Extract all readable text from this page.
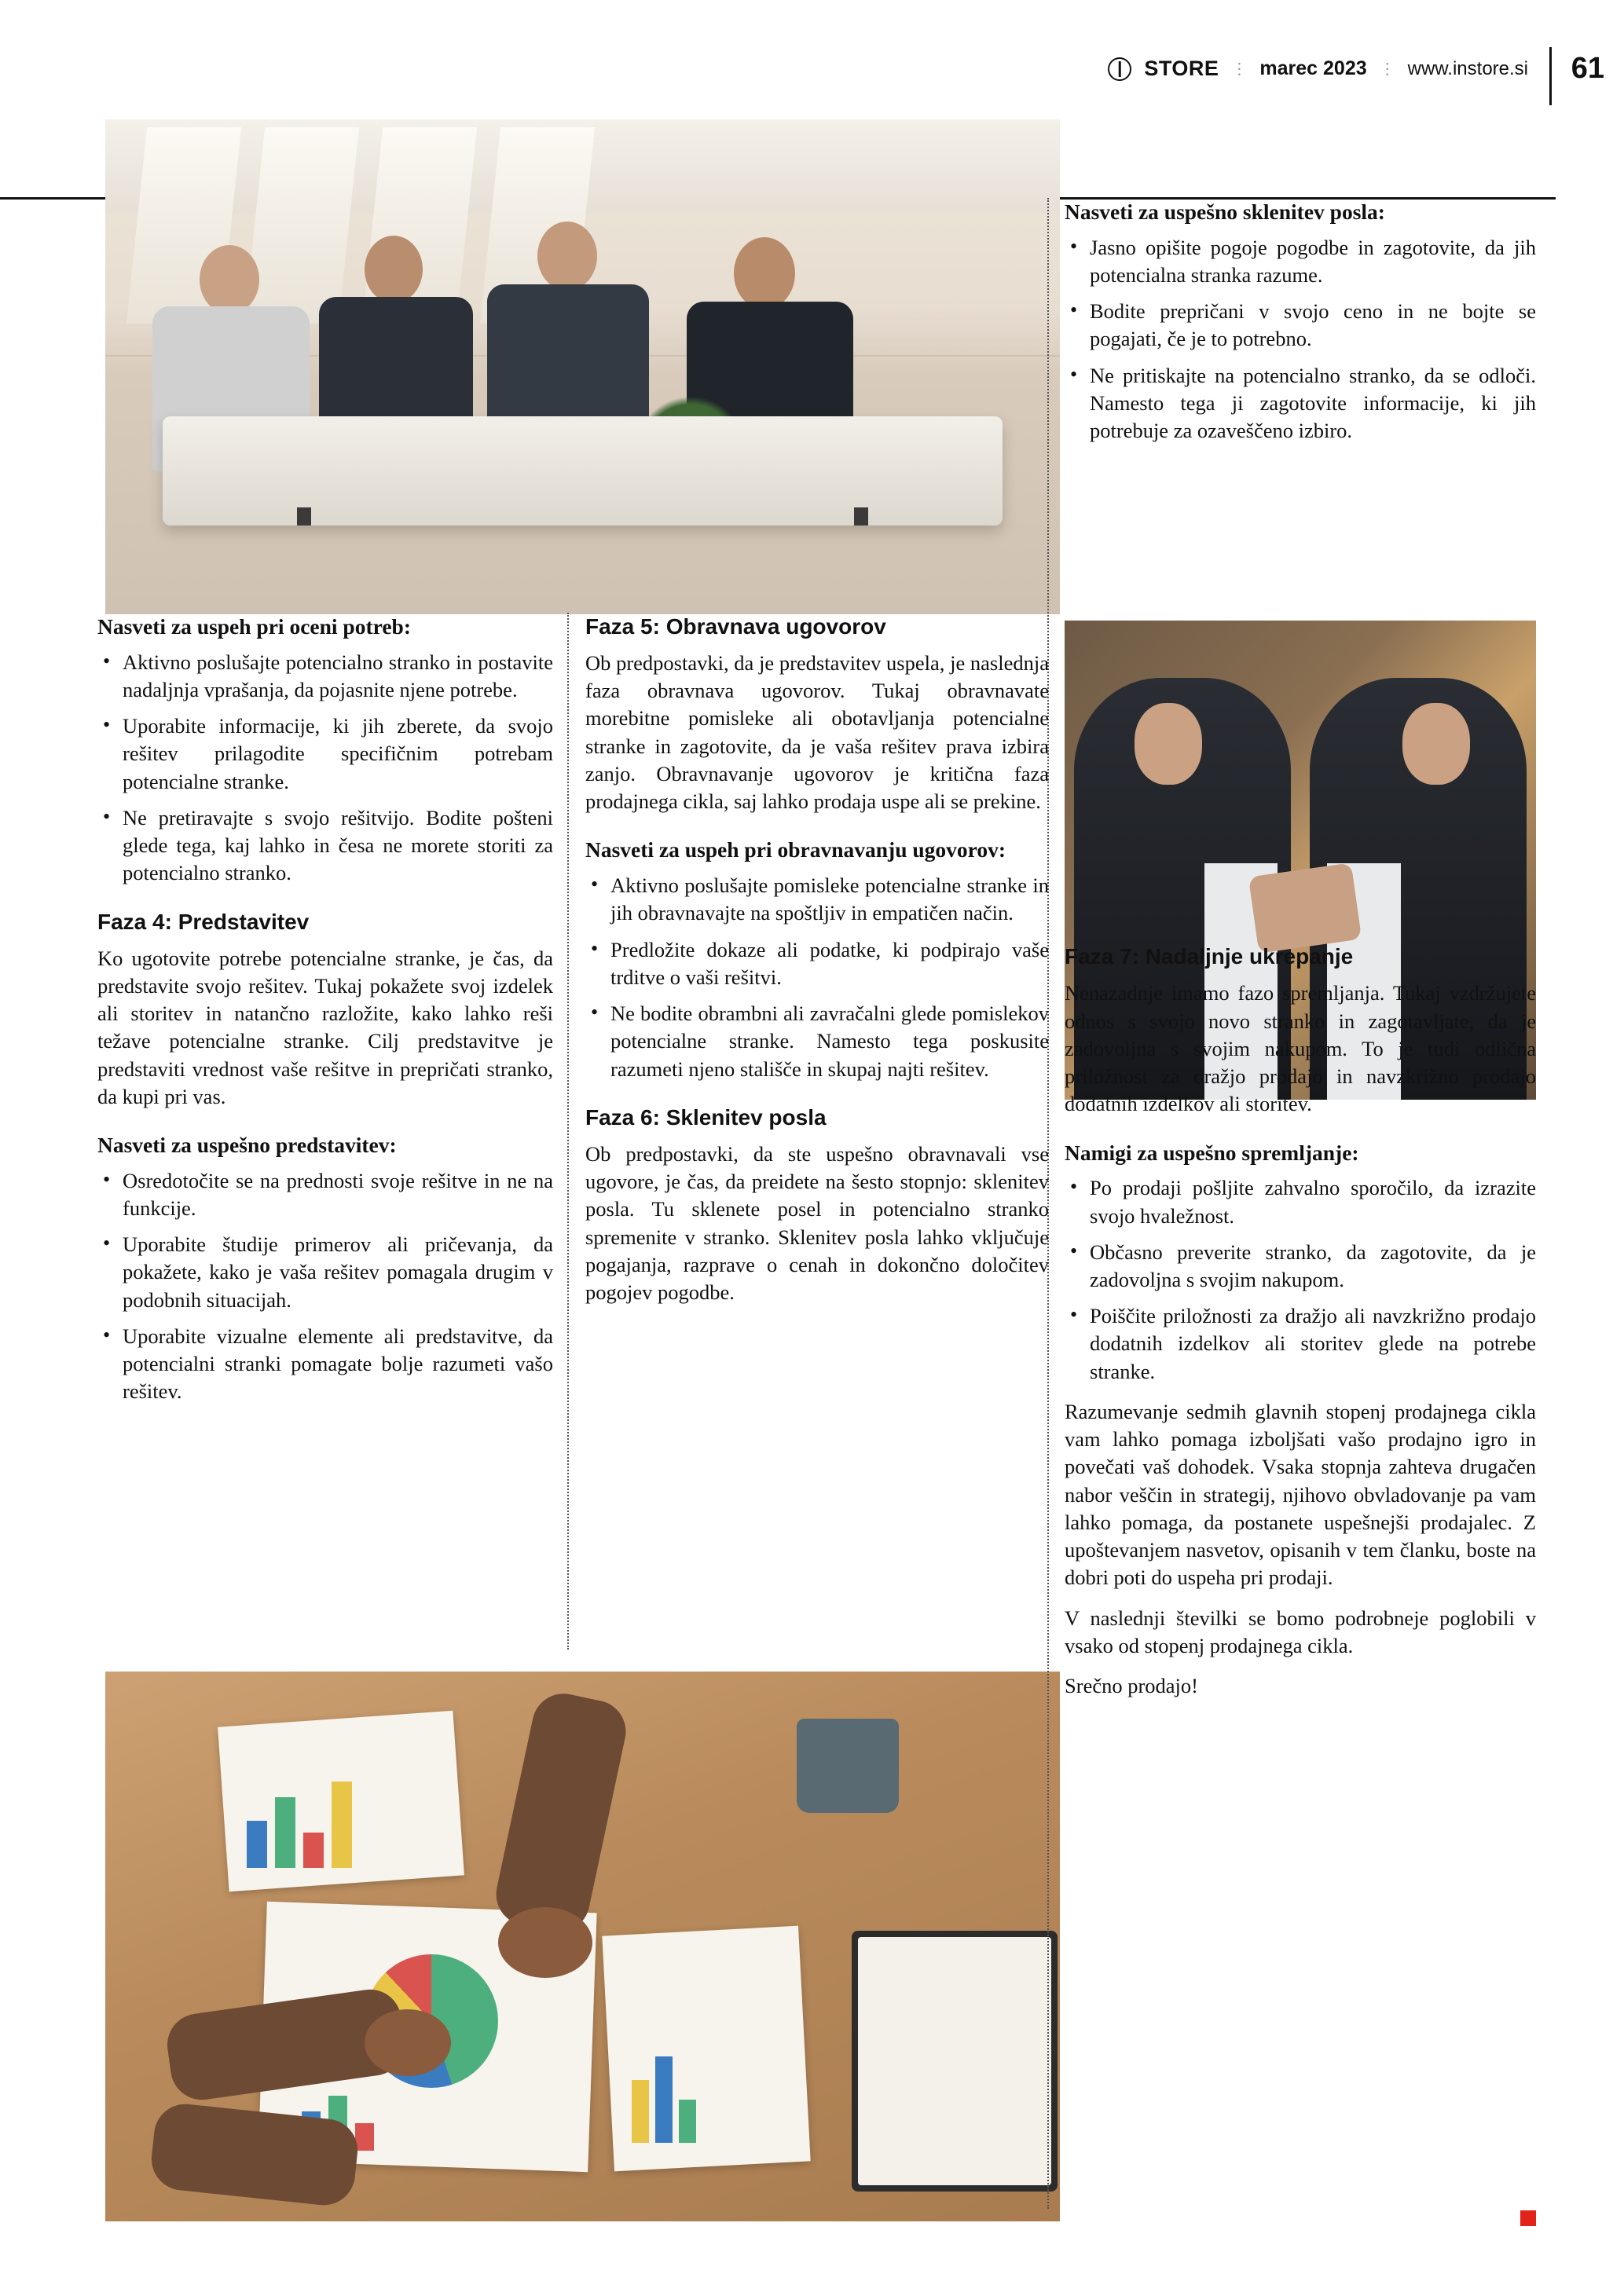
STORE ⋮ marec 2023 ⋮ www.instore.si 61
Nasveti za uspeh pri oceni potreb:
• Aktivno poslušajte potencialno stranko in postavite nadaljnja vprašanja, da pojasnite njene potrebe.
• Uporabite informacije, ki jih zberete, da svojo rešitev prilagodite specifičnim potrebam potencialne stranke.
• Ne pretiravajte s svojo rešitvijo. Bodite pošteni glede tega, kaj lahko in česa ne morete storiti za potencialno stranko.
Faza 4: Predstavitev

Ko ugotovite potrebe potencialne stranke, je čas, da predstavite svojo rešitev. Tukaj pokažete svoj izdelek ali storitev in natančno razložite, kako lahko reši težave potencialne stranke. Cilj predstavitve je predstaviti vrednost vaše rešitve in prepričati stranko, da kupi pri vas.

Nasveti za uspešno predstavitev:
• Osredotočite se na prednosti svoje rešitve in ne na funkcije.
• Uporabite študije primerov ali pričevanja, da pokažete, kako je vaša rešitev pomagala drugim v podobnih situacijah.
• Uporabite vizualne elemente ali predstavitve, da potencialni stranki pomagate bolje razumeti vašo rešitev.
Faza 5: Obravnava ugovorov

Ob predpostavki, da je predstavitev uspela, je naslednja faza obravnava ugovorov. Tukaj obravnavate morebitne pomisleke ali obotavljanja potencialne stranke in zagotovite, da je vaša rešitev prava izbira zanjo. Obravnavanje ugovorov je kritična faza prodajnega cikla, saj lahko prodaja uspe ali se prekine.

Nasveti za uspeh pri obravnavanju ugovorov:
• Aktivno poslušajte pomisleke potencialne stranke in jih obravnavajte na spoštljiv in empatičen način.
• Predložite dokaze ali podatke, ki podpirajo vaše trditve o vaši rešitvi.
• Ne bodite obrambni ali zavračalni glede pomislekov potencialne stranke. Namesto tega poskusite razumeti njeno stališče in skupaj najti rešitev.
Faza 6: Sklenitev posla

Ob predpostavki, da ste uspešno obravnavali vse ugovore, je čas, da preidete na šesto stopnjo: sklenitev posla. Tu sklenete posel in potencialno stranko spremenite v stranko. Sklenitev posla lahko vključuje pogajanja, razprave o cenah in dokončno določitev pogojev pogodbe.

Nasveti za uspešno sklenitev posla:
• Jasno opišite pogoje pogodbe in zagotovite, da jih potencialna stranka razume.
• Bodite prepričani v svojo ceno in ne bojte se pogajati, če je to potrebno.
• Ne pritiskajte na potencialno stranko, da se odloči. Namesto tega ji zagotovite informacije, ki jih potrebuje za ozaveščeno izbiro.
Faza 7: Nadaljnje ukrepanje

Nenazadnje imamo fazo spremljanja. Tukaj vzdržujete odnos s svojo novo stranko in zagotavljate, da je zadovoljna s svojim nakupom. To je tudi odlična priložnost za dražjo prodajo in navzkrižno prodajo dodatnih izdelkov ali storitev.

Namigi za uspešno spremljanje:
• Po prodaji pošljite zahvalno sporočilo, da izrazite svojo hvaležnost.
• Občasno preverite stranko, da zagotovite, da je zadovoljna s svojim nakupom.
• Poiščite priložnosti za dražjo ali navzkrižno prodajo dodatnih izdelkov ali storitev glede na potrebe stranke.

Razumevanje sedmih glavnih stopenj prodajnega cikla vam lahko pomaga izboljšati vašo prodajno igro in povečati vaš dohodek. Vsaka stopnja zahteva drugačen nabor veščin in strategij, njihovo obvladovanje pa vam lahko pomaga, da postanete uspešnejši prodajalec. Z upoštevanjem nasvetov, opisanih v tem članku, boste na dobri poti do uspeha pri prodaji.

V naslednji številki se bomo podrobneje poglobili v vsako od stopenj prodajnega cikla.

Srečno prodajo!
